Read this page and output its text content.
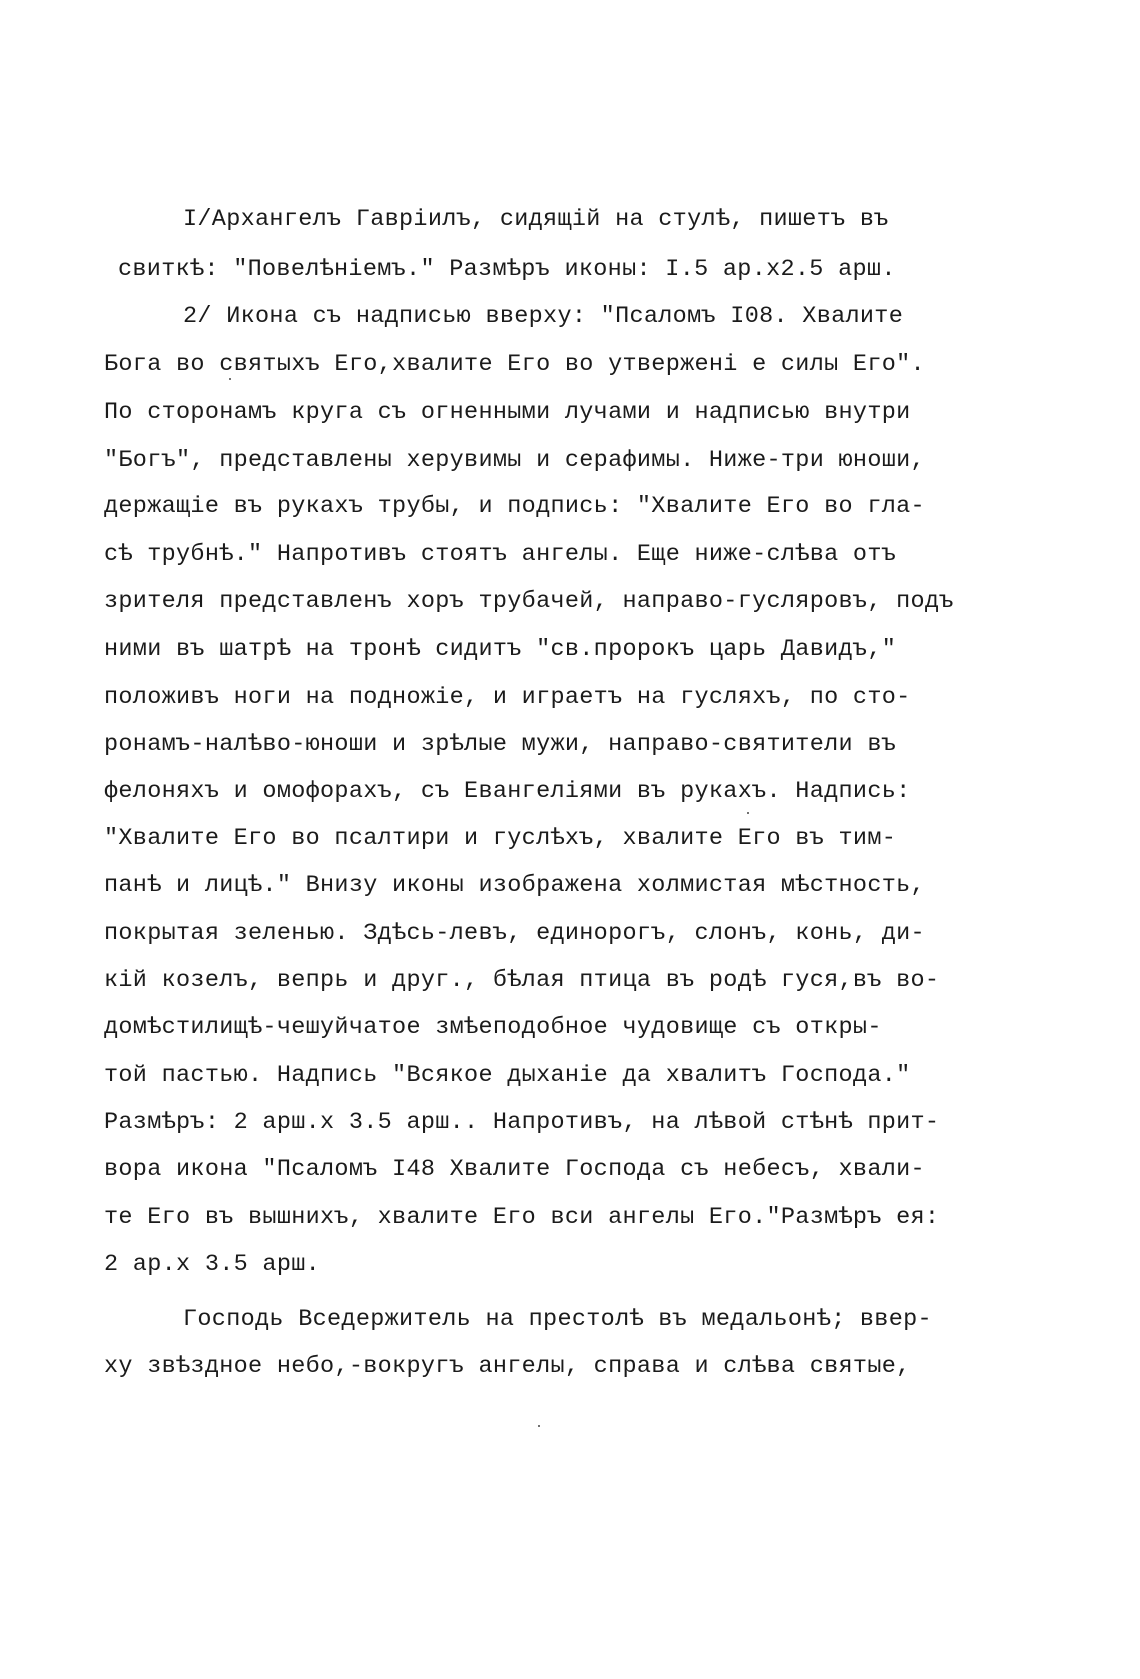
I/Архангелъ Гавріилъ, сидящій на стулѣ, пишетъ въ
свиткѣ: "Повелѣніемъ." Размѣръ иконы: I.5 ар.х2.5 арш.
2/ Икона съ надписью вверху: "Псаломъ I08. Хвалите
Бога во святыхъ Его,хвалите Его во утвержені е силы Его".
По сторонамъ круга съ огненными лучами и надписью внутри
"Богъ", представлены херувимы и серафимы. Ниже-три юноши,
держащіе въ рукахъ трубы, и подпись: "Хвалите Его во гла-
сѣ трубнѣ." Напротивъ стоятъ ангелы. Еще ниже-слѣва отъ
зрителя представленъ хоръ трубачей, направо-гусляровъ, подъ
ними въ шатрѣ на тронѣ сидитъ "св.пророкъ царь Давидъ,"
положивъ ноги на подножіе, и играетъ на гусляхъ, по сто-
ронамъ-налѣво-юноши и зрѣлые мужи, направо-святители въ
фелоняхъ и омофорахъ, съ Евангеліями въ рукахъ. Надпись:
"Хвалите Его во псалтири и гуслѣхъ, хвалите Его въ тим-
панѣ и лицѣ." Внизу иконы изображена холмистая мѣстность,
покрытая зеленью. Здѣсь-левъ, единорогъ, слонъ, конь, ди-
кій козелъ, вепрь и друг., бѣлая птица въ родѣ гуся,въ во-
домѣстилищѣ-чешуйчатое змѣеподобное чудовище съ откры-
той пастью. Надпись "Всякое дыханіе да хвалитъ Господа."
Размѣръ: 2 арш.х 3.5 арш.. Напротивъ, на лѣвой стѣнѣ прит-
вора икона "Псаломъ I48 Хвалите Господа съ небесъ, хвали-
те Его въ вышнихъ, хвалите Его вси ангелы Его."Размѣръ ея:
2 ар.х 3.5 арш.
Господь Вседержитель на престолѣ въ медальонѣ; ввер-
ху звѣздное небо,-вокругъ ангелы, справа и слѣва святые,
